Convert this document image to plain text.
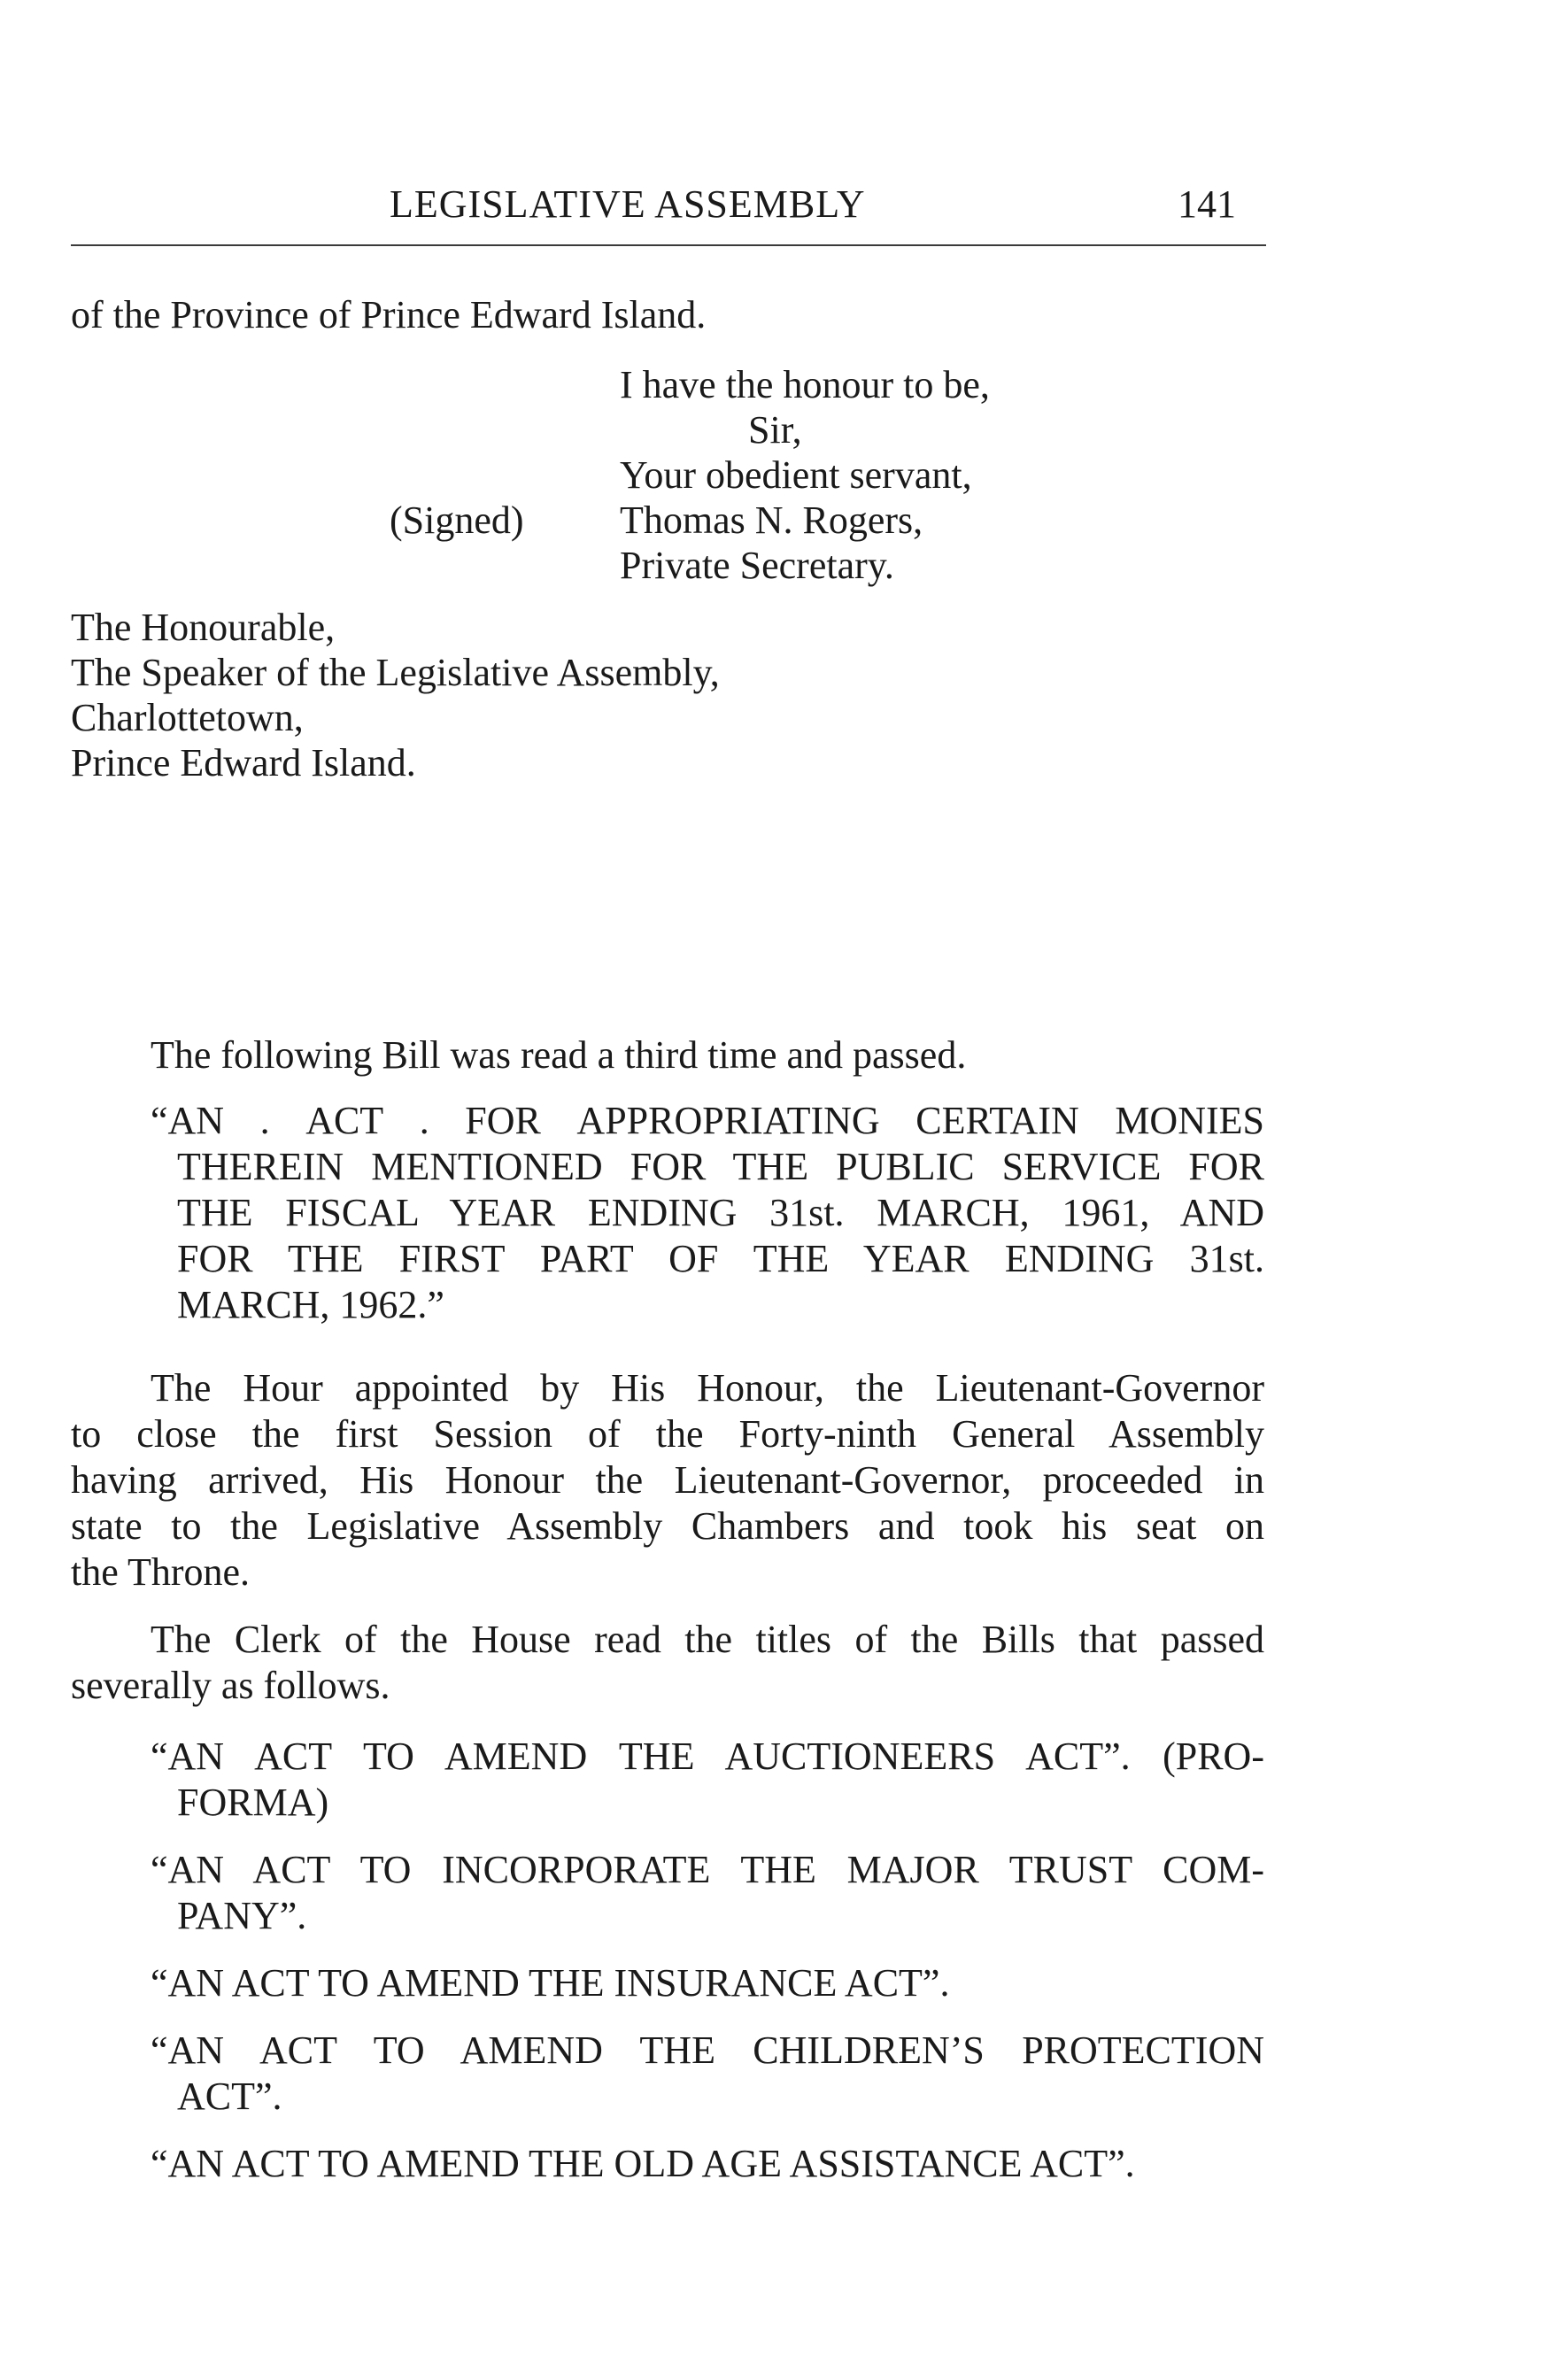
LEGISLATIVE ASSEMBLY	141
of the Province of Prince Edward Island.
I have the honour to be,
Sir,
Your obedient servant,
(Signed) Thomas N. Rogers,
Private Secretary.
The Honourable,
The Speaker of the Legislative Assembly,
Charlottetown,
Prince Edward Island.
The following Bill was read a third time and passed.
“AN . ACT . FOR APPROPRIATING CERTAIN MONIES
THEREIN MENTIONED FOR THE PUBLIC SERVICE FOR
THE FISCAL YEAR ENDING 31st. MARCH, 1961, AND
FOR THE FIRST PART OF THE YEAR ENDING 31st.
MARCH, 1962.”
The Hour appointed by His Honour, the Lieutenant-Governor
to close the first Session of the Forty-ninth General Assembly
having arrived, His Honour the Lieutenant-Governor, proceeded in
state to the Legislative Assembly Chambers and took his seat on
the Throne.
The Clerk of the House read the titles of the Bills that passed
severally as follows.
“AN ACT TO AMEND THE AUCTIONEERS ACT”. (PRO-
FORMA)
“AN ACT TO INCORPORATE THE MAJOR TRUST COM-
PANY”.
“AN ACT TO AMEND THE INSURANCE ACT”.
“AN ACT TO AMEND THE CHILDREN’S PROTECTION
ACT”.
“AN ACT TO AMEND THE OLD AGE ASSISTANCE ACT”.
